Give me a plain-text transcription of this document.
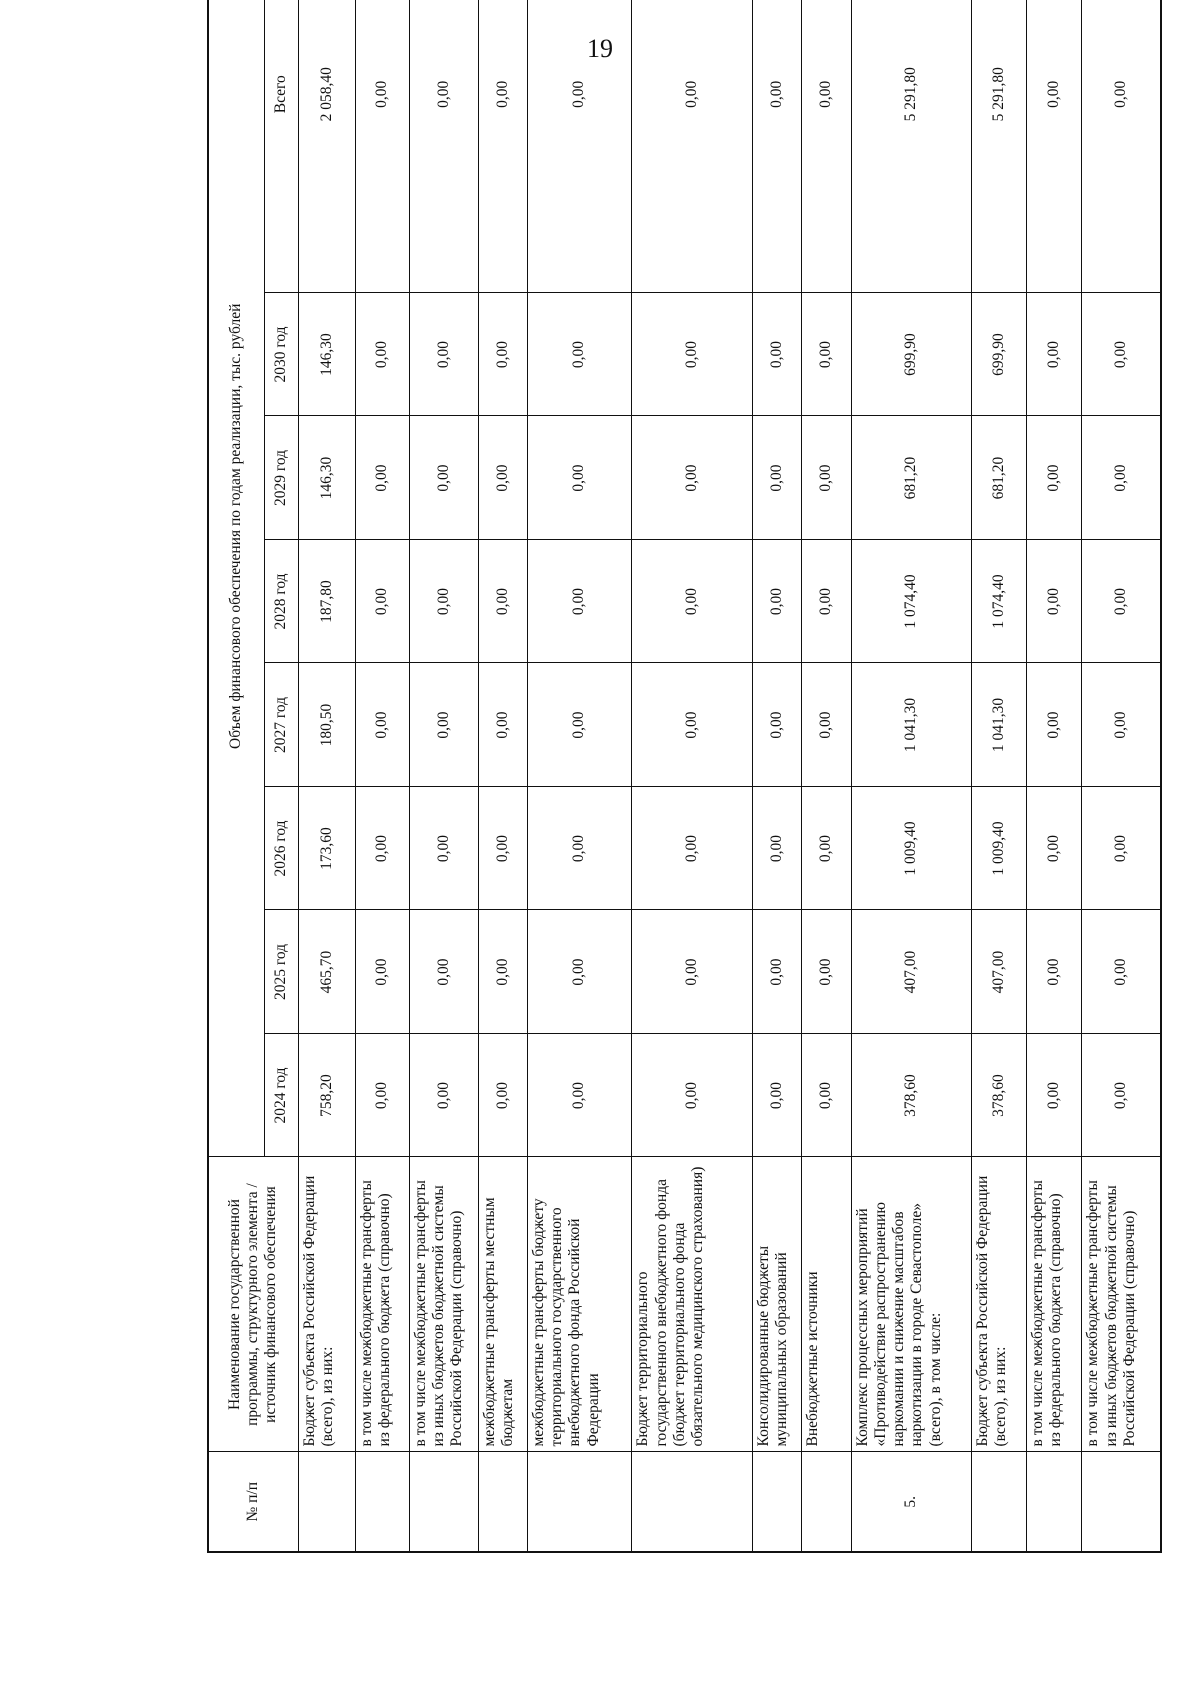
19
№ п/п	Наименование государственной программы, структурного элемента / источник финансового обеспечения	Объем финансового обеспечения по годам реализации, тыс. рублей							
		2024 год	2025 год	2026 год	2027 год	2028 год	2029 год	2030 год	Всего
	Бюджет субъекта Российской Федерации (всего), из них:	758,20	465,70	173,60	180,50	187,80	146,30	146,30	2 058,40
	в том числе межбюджетные трансферты из федерального бюджета (справочно)	0,00	0,00	0,00	0,00	0,00	0,00	0,00	0,00
	в том числе межбюджетные трансферты из иных бюджетов бюджетной системы Российской Федерации (справочно)	0,00	0,00	0,00	0,00	0,00	0,00	0,00	0,00
	межбюджетные трансферты местным бюджетам	0,00	0,00	0,00	0,00	0,00	0,00	0,00	0,00
	межбюджетные трансферты бюджету территориального государственного внебюджетного фонда Российской Федерации	0,00	0,00	0,00	0,00	0,00	0,00	0,00	0,00
	Бюджет территориального государственного внебюджетного фонда (бюджет территориального фонда обязательного медицинского страхования)	0,00	0,00	0,00	0,00	0,00	0,00	0,00	0,00
	Консолидированные бюджеты муниципальных образований	0,00	0,00	0,00	0,00	0,00	0,00	0,00	0,00
	Внебюджетные источники	0,00	0,00	0,00	0,00	0,00	0,00	0,00	0,00
5.	Комплекс процессных мероприятий «Противодействие распространению наркомании и снижение масштабов наркотизации в городе Севастополе» (всего), в том числе:	378,60	407,00	1 009,40	1 041,30	1 074,40	681,20	699,90	5 291,80
	Бюджет субъекта Российской Федерации (всего), из них:	378,60	407,00	1 009,40	1 041,30	1 074,40	681,20	699,90	5 291,80
	в том числе межбюджетные трансферты из федерального бюджета (справочно)	0,00	0,00	0,00	0,00	0,00	0,00	0,00	0,00
	в том числе межбюджетные трансферты из иных бюджетов бюджетной системы Российской Федерации (справочно)	0,00	0,00	0,00	0,00	0,00	0,00	0,00	0,00
